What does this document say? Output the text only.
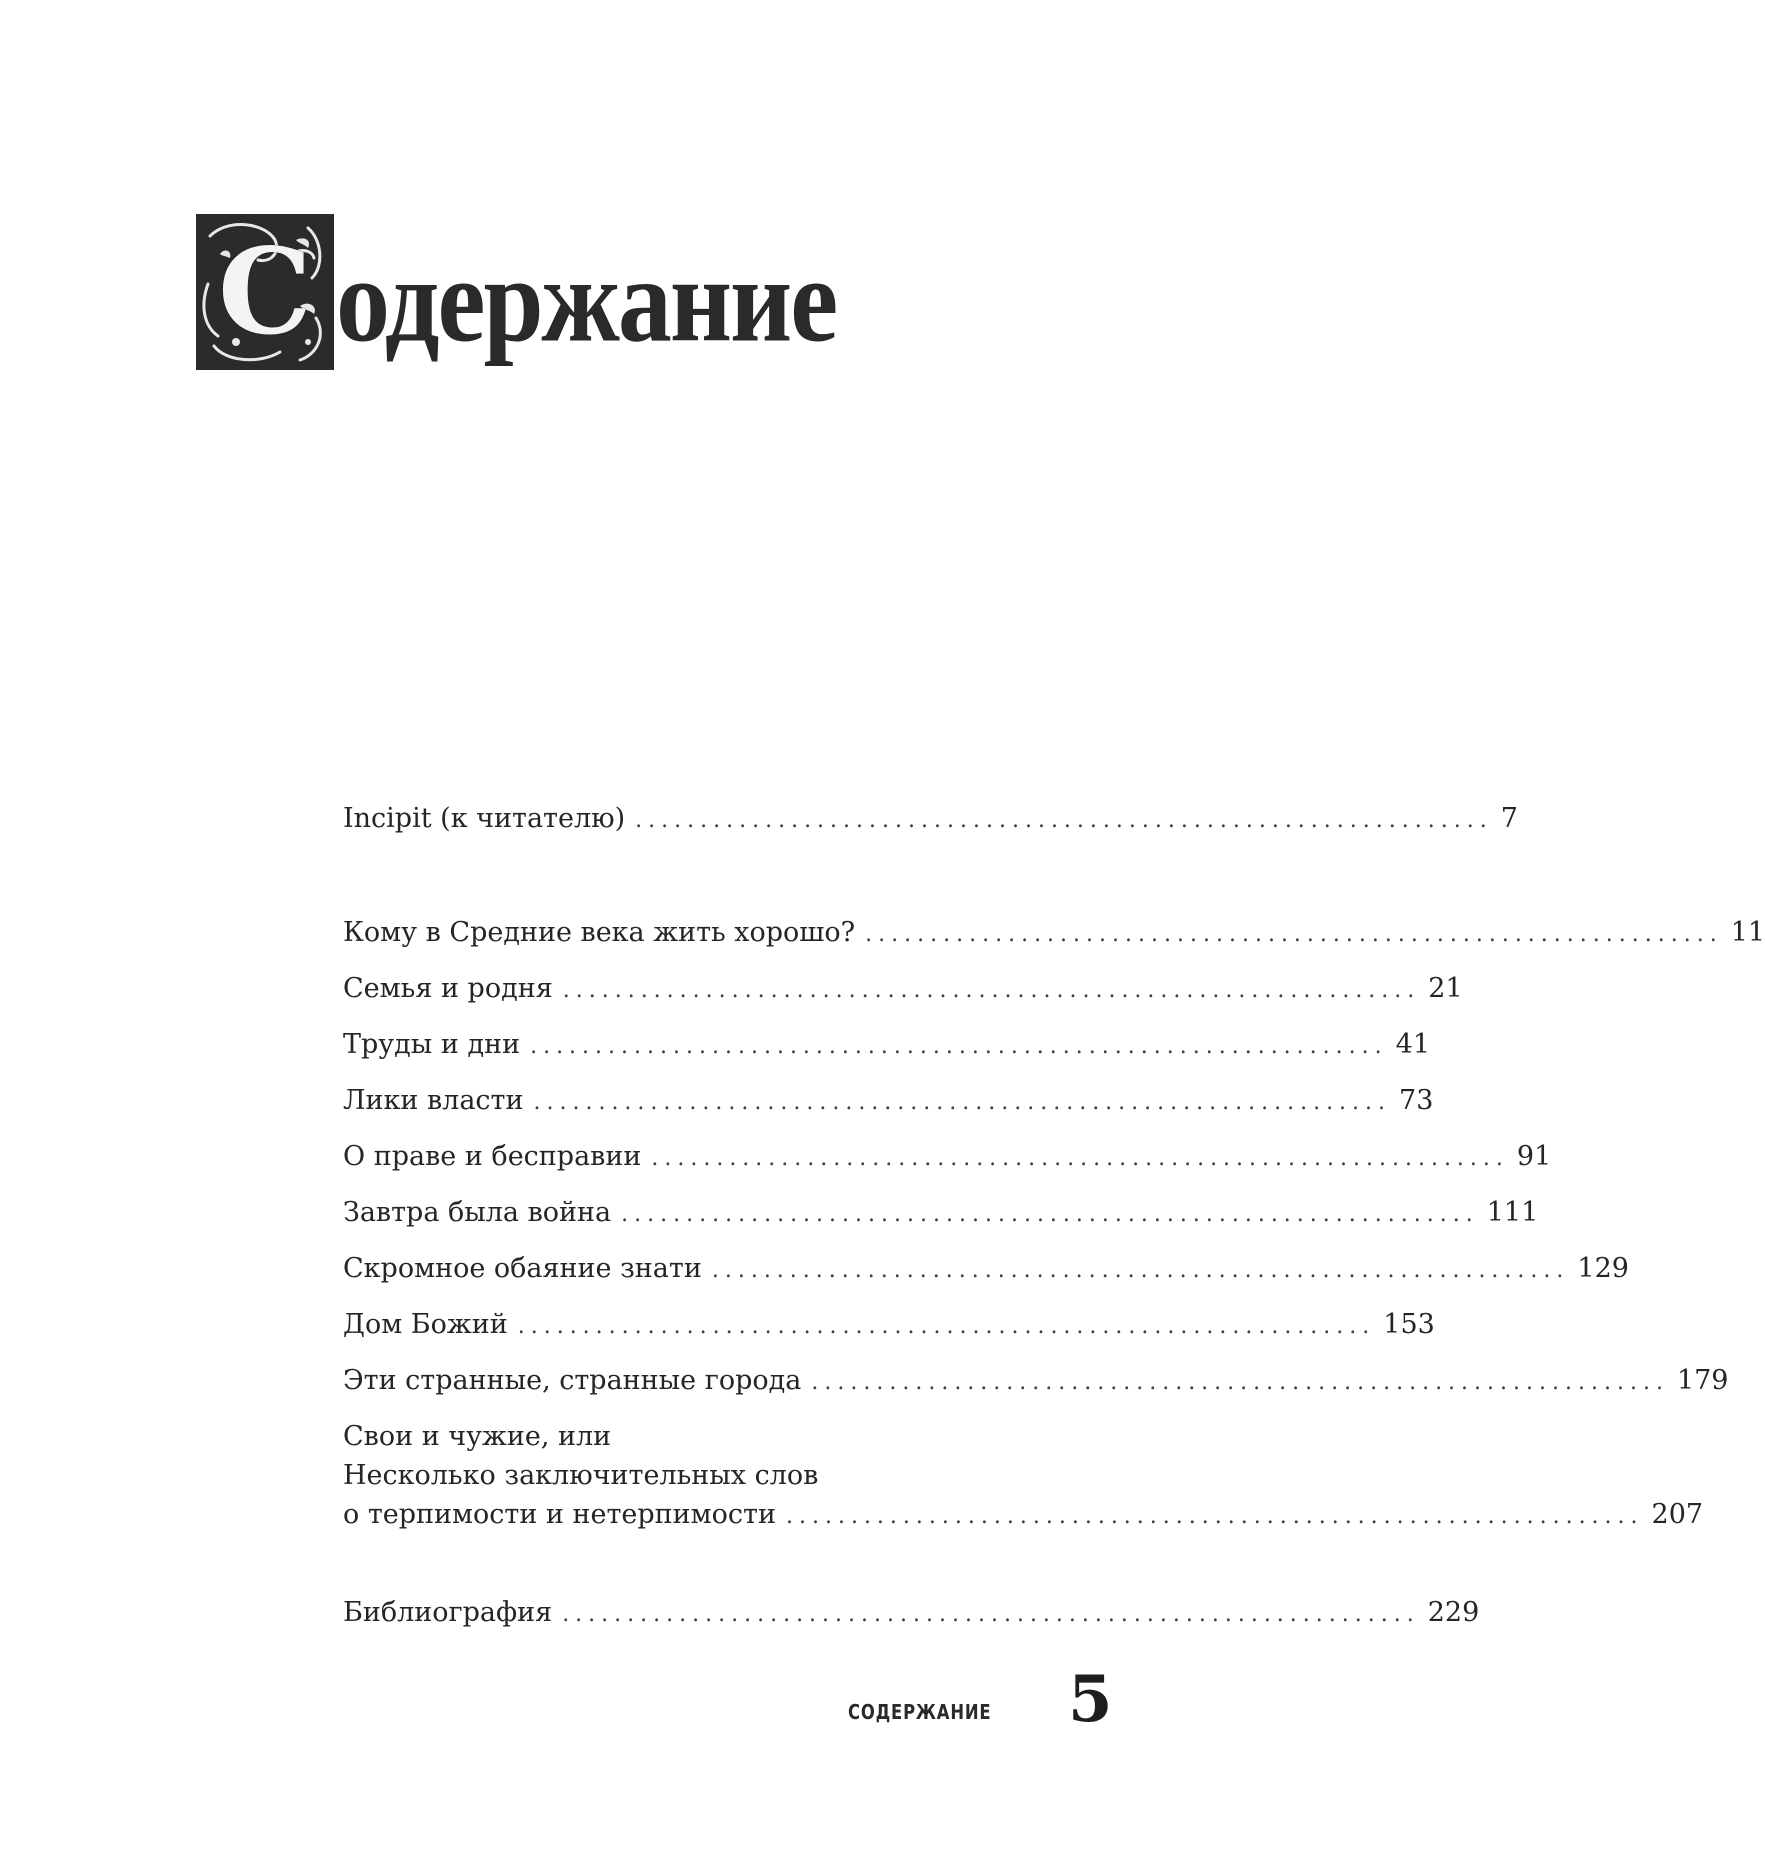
С одержание
Incipit (к читателю) .................................................................. 7
Кому в Средние века жить хорошо? .................................................................. 11
Семья и родня .................................................................. 21
Труды и дни .................................................................. 41
Лики власти .................................................................. 73
О праве и бесправии .................................................................. 91
Завтра была война .................................................................. 111
Скромное обаяние знати .................................................................. 129
Дом Божий .................................................................. 153
Эти странные, странные города .................................................................. 179
Свои и чужие, или
Несколько заключительных слов
о терпимости и нетерпимости .................................................................. 207
Библиография .................................................................. 229
СОДЕРЖАНИЕ 5
